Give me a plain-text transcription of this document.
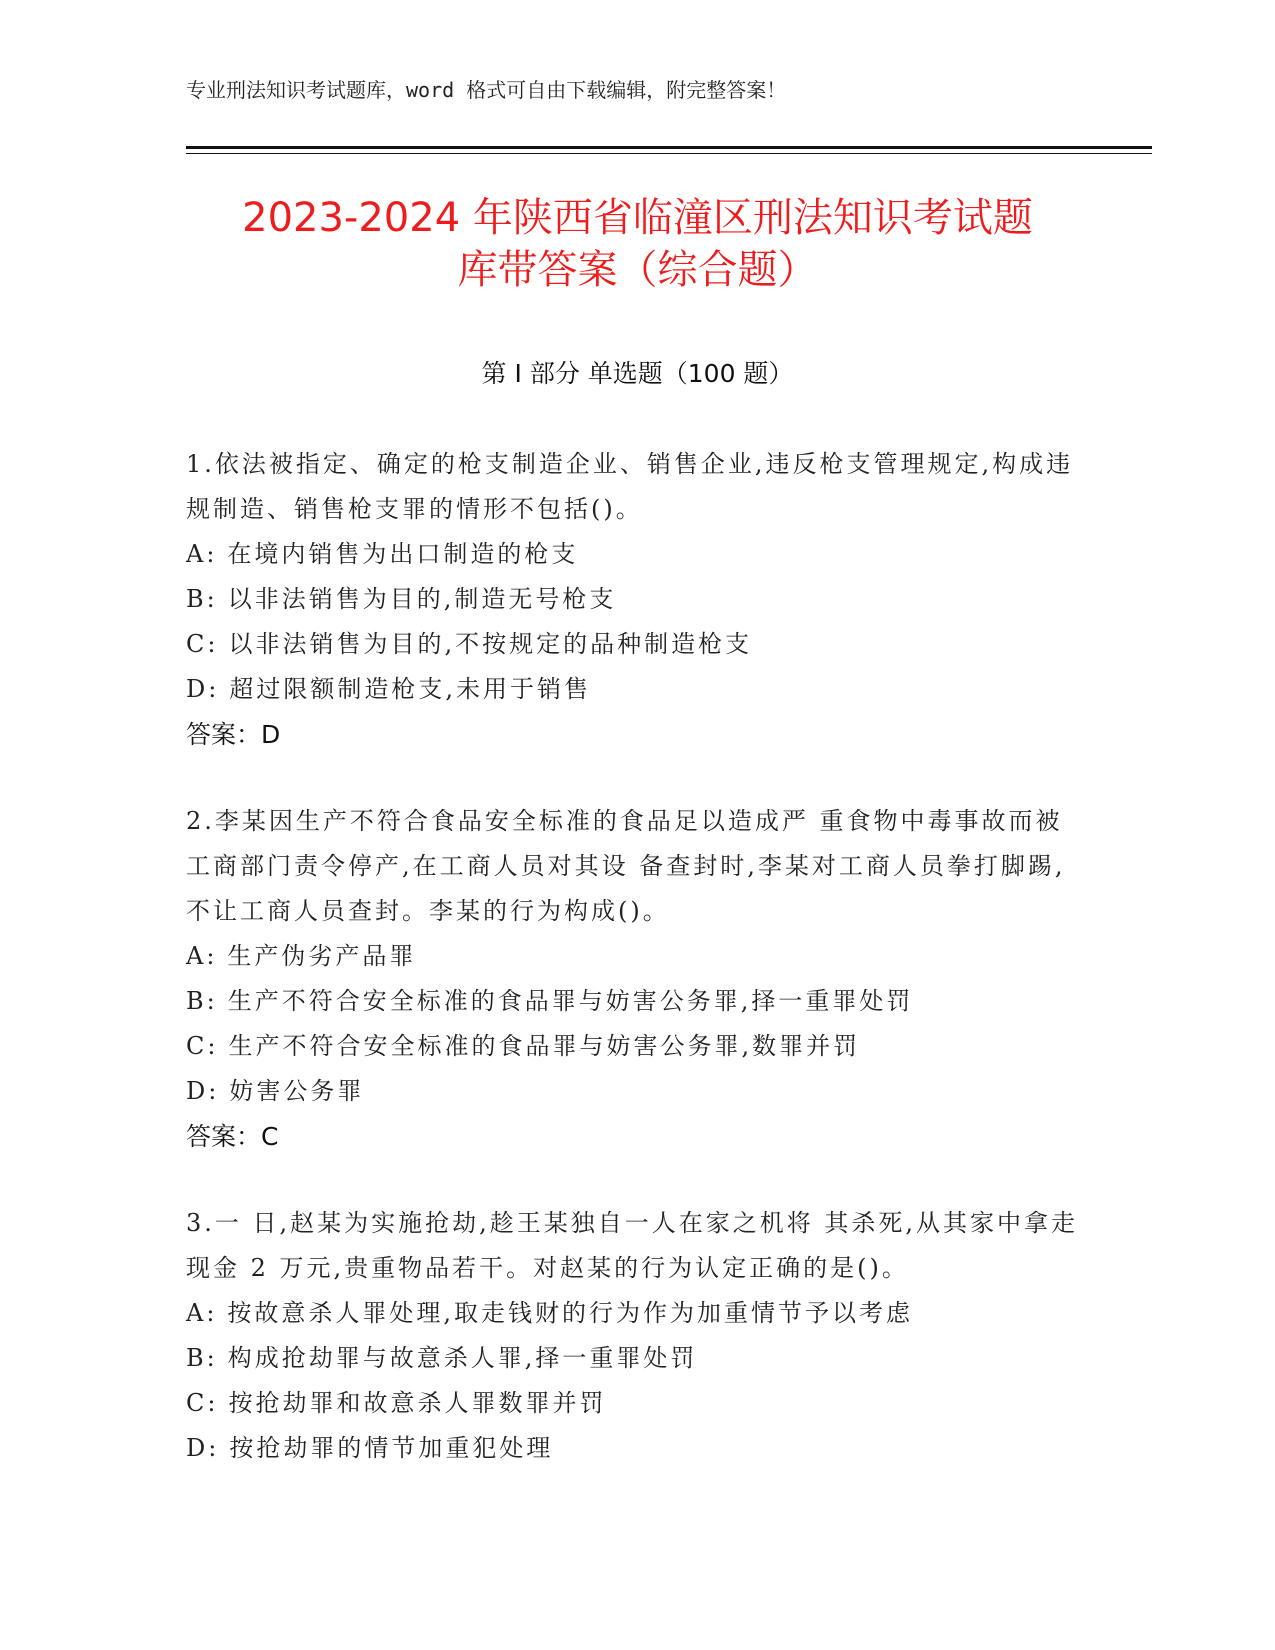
专业刑法知识考试题库，word 格式可自由下载编辑，附完整答案！
2023-2024 年陕西省临潼区刑法知识考试题
库带答案（综合题）
第 I 部分 单选题（100 题）

1.依法被指定、确定的枪支制造企业、销售企业,违反枪支管理规定,构成违规制造、销售枪支罪的情形不包括()。

A: 在境内销售为出口制造的枪支

B: 以非法销售为目的,制造无号枪支

C: 以非法销售为目的,不按规定的品种制造枪支

D: 超过限额制造枪支,未用于销售

答案：D

2.李某因生产不符合食品安全标准的食品足以造成严 重食物中毒事故而被工商部门责令停产,在工商人员对其设 备查封时,李某对工商人员拳打脚踢,不让工商人员查封。李某的行为构成()。

A: 生产伪劣产品罪

B: 生产不符合安全标准的食品罪与妨害公务罪,择一重罪处罚

C: 生产不符合安全标准的食品罪与妨害公务罪,数罪并罚

D: 妨害公务罪

答案：C

3.一 日,赵某为实施抢劫,趁王某独自一人在家之机将 其杀死,从其家中拿走现金 2 万元,贵重物品若干。对赵某的行为认定正确的是()。

A: 按故意杀人罪处理,取走钱财的行为作为加重情节予以考虑

B: 构成抢劫罪与故意杀人罪,择一重罪处罚

C: 按抢劫罪和故意杀人罪数罪并罚

D: 按抢劫罪的情节加重犯处理
